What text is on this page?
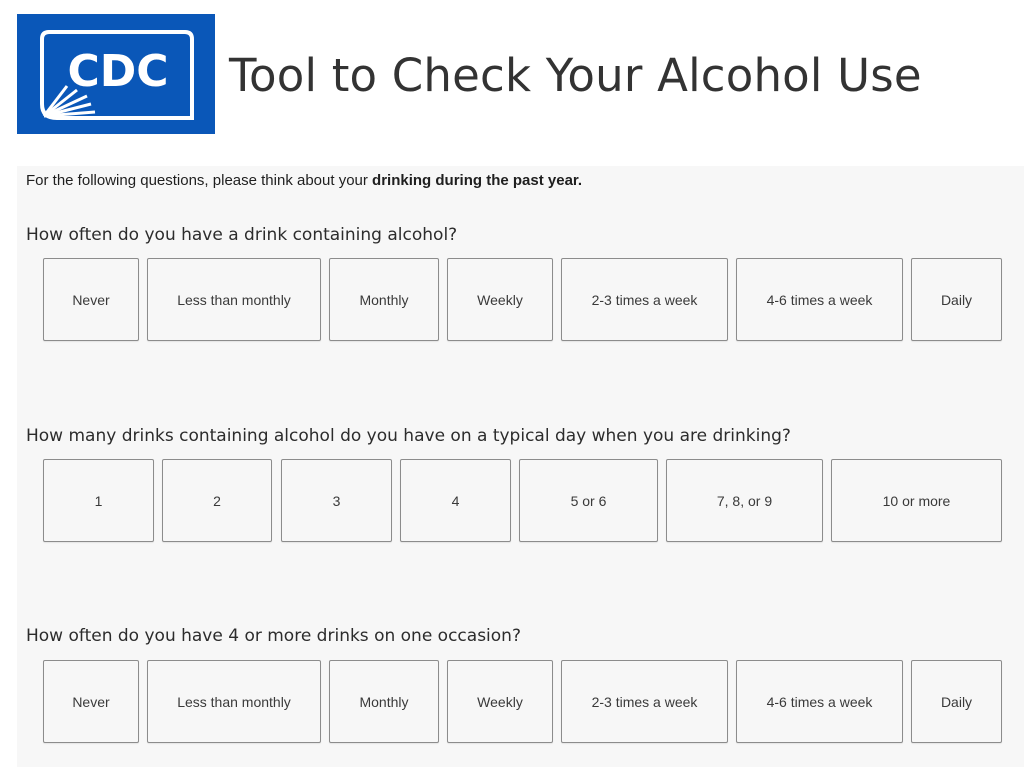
CDC Tool to Check Your Alcohol Use
For the following questions, please think about your drinking during the past year.
How often do you have a drink containing alcohol?
Never	Less than monthly	Monthly	Weekly	2-3 times a week	4-6 times a week	Daily
How many drinks containing alcohol do you have on a typical day when you are drinking?
1	2	3	4	5 or 6	7, 8, or 9	10 or more
How often do you have 4 or more drinks on one occasion?
Never	Less than monthly	Monthly	Weekly	2-3 times a week	4-6 times a week	Daily
